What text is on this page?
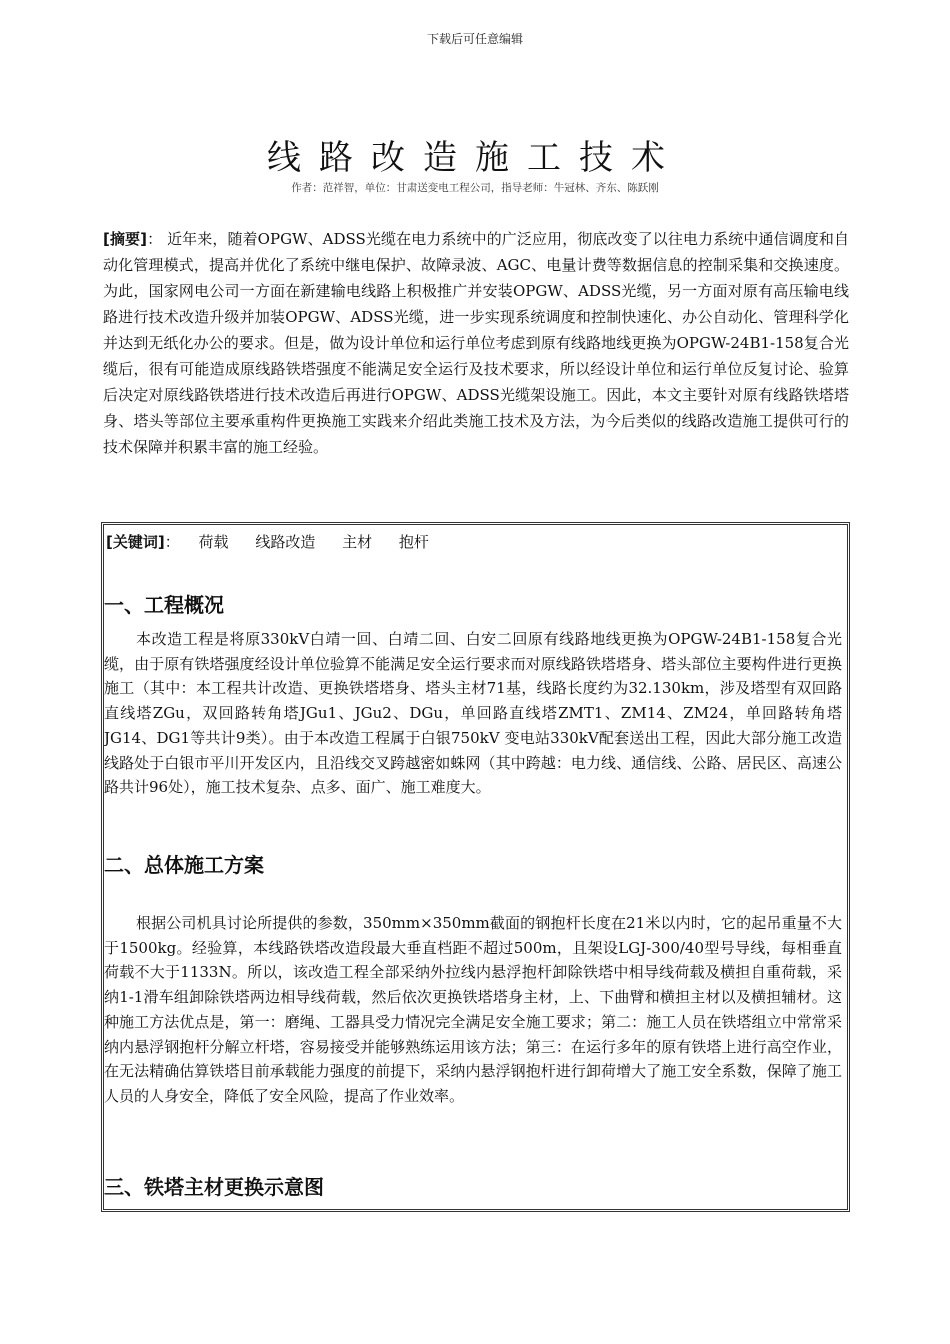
下载后可任意编辑
线路改造施工技术
作者：范祥智，单位：甘肃送变电工程公司，指导老师：牛冠林、齐东、陈跃刚
[摘要]： 近年来，随着OPGW、ADSS光缆在电力系统中的广泛应用，彻底改变了以往电力系统中通信调度和自动化管理模式，提高并优化了系统中继电保护、故障录波、AGC、电量计费等数据信息的控制采集和交换速度。为此，国家网电公司一方面在新建输电线路上积极推广并安装OPGW、ADSS光缆，另一方面对原有高压输电线路进行技术改造升级并加装OPGW、ADSS光缆，进一步实现系统调度和控制快速化、办公自动化、管理科学化并达到无纸化办公的要求。但是，做为设计单位和运行单位考虑到原有线路地线更换为OPGW-24B1-158复合光缆后，很有可能造成原线路铁塔强度不能满足安全运行及技术要求，所以经设计单位和运行单位反复讨论、验算后决定对原线路铁塔进行技术改造后再进行OPGW、ADSS光缆架设施工。因此，本文主要针对原有线路铁塔塔身、塔头等部位主要承重构件更换施工实践来介绍此类施工技术及方法，为今后类似的线路改造施工提供可行的技术保障并积累丰富的施工经验。
[关键词]： 荷载 线路改造 主材 抱杆
一、工程概况
本改造工程是将原330kV白靖一回、白靖二回、白安二回原有线路地线更换为OPGW-24B1-158复合光缆，由于原有铁塔强度经设计单位验算不能满足安全运行要求而对原线路铁塔塔身、塔头部位主要构件进行更换施工（其中：本工程共计改造、更换铁塔塔身、塔头主材71基，线路长度约为32.130km，涉及塔型有双回路直线塔ZGu，双回路转角塔JGu1、JGu2、DGu，单回路直线塔ZMT1、ZM14、ZM24，单回路转角塔JG14、DG1等共计9类）。由于本改造工程属于白银750kV 变电站330kV配套送出工程，因此大部分施工改造线路处于白银市平川开发区内，且沿线交叉跨越密如蛛网（其中跨越：电力线、通信线、公路、居民区、高速公路共计96处），施工技术复杂、点多、面广、施工难度大。
二、总体施工方案
根据公司机具讨论所提供的参数，350mm×350mm截面的钢抱杆长度在21米以内时，它的起吊重量不大于1500kg。经验算，本线路铁塔改造段最大垂直档距不超过500m，且架设LGJ-300/40型号导线，每相垂直荷载不大于1133N。所以，该改造工程全部采纳外拉线内悬浮抱杆卸除铁塔中相导线荷载及横担自重荷载，采纳1-1滑车组卸除铁塔两边相导线荷载，然后依次更换铁塔塔身主材，上、下曲臂和横担主材以及横担辅材。这种施工方法优点是，第一：磨绳、工器具受力情况完全满足安全施工要求；第二：施工人员在铁塔组立中常常采纳内悬浮钢抱杆分解立杆塔，容易接受并能够熟练运用该方法；第三：在运行多年的原有铁塔上进行高空作业，在无法精确估算铁塔目前承载能力强度的前提下，采纳内悬浮钢抱杆进行卸荷增大了施工安全系数，保障了施工人员的人身安全，降低了安全风险，提高了作业效率。
三、铁塔主材更换示意图
